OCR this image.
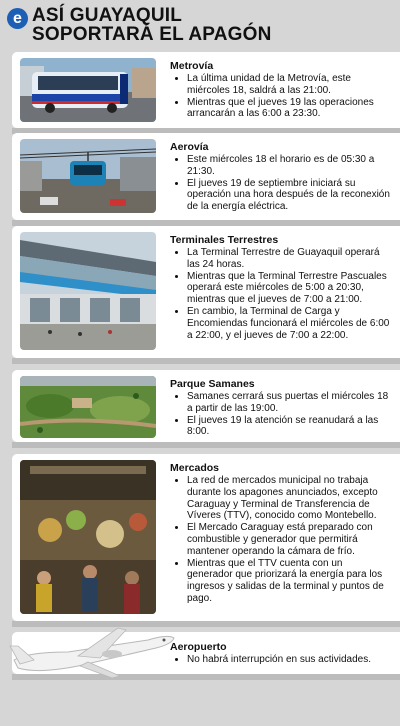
e ASÍ GUAYAQUIL
SOPORTARÁ EL APAGÓN
Metrovía
• La última unidad de la Metrovía, este miércoles 18, saldrá a las 21:00.
• Mientras que el jueves 19 las operaciones arrancarán a las 6:00 a 23:30.
Aerovía
• Este miércoles 18 el horario es de 05:30 a 21:30.
• El jueves 19 de septiembre iniciará su operación una hora después de la reconexión de la energía eléctrica.
Terminales Terrestres
• La Terminal Terrestre de Guayaquil operará las 24 horas.
• Mientras que la Terminal Terrestre Pascuales operará este miércoles de 5:00 a 20:30, mientras que el jueves de 7:00 a 21:00.
• En cambio, la Terminal de Carga y Encomiendas funcionará el miércoles de 6:00 a 22:00, y el jueves de 7:00 a 22:00.
Parque Samanes
• Samanes cerrará sus puertas el miércoles 18 a partir de las 19:00.
• El jueves 19 la atención se reanudará a las 8:00.
Mercados
• La red de mercados municipal no trabaja durante los apagones anunciados, excepto Caraguay y Terminal de Transferencia de Víveres (TTV), conocido como Montebello.
• El Mercado Caraguay está preparado con combustible y generador que permitirá mantener operando la cámara de frío.
• Mientras que el TTV cuenta con un generador que priorizará la energía para los ingresos y salidas de la terminal y puntos de pago.
Aeropuerto
• No habrá interrupción en sus actividades.
